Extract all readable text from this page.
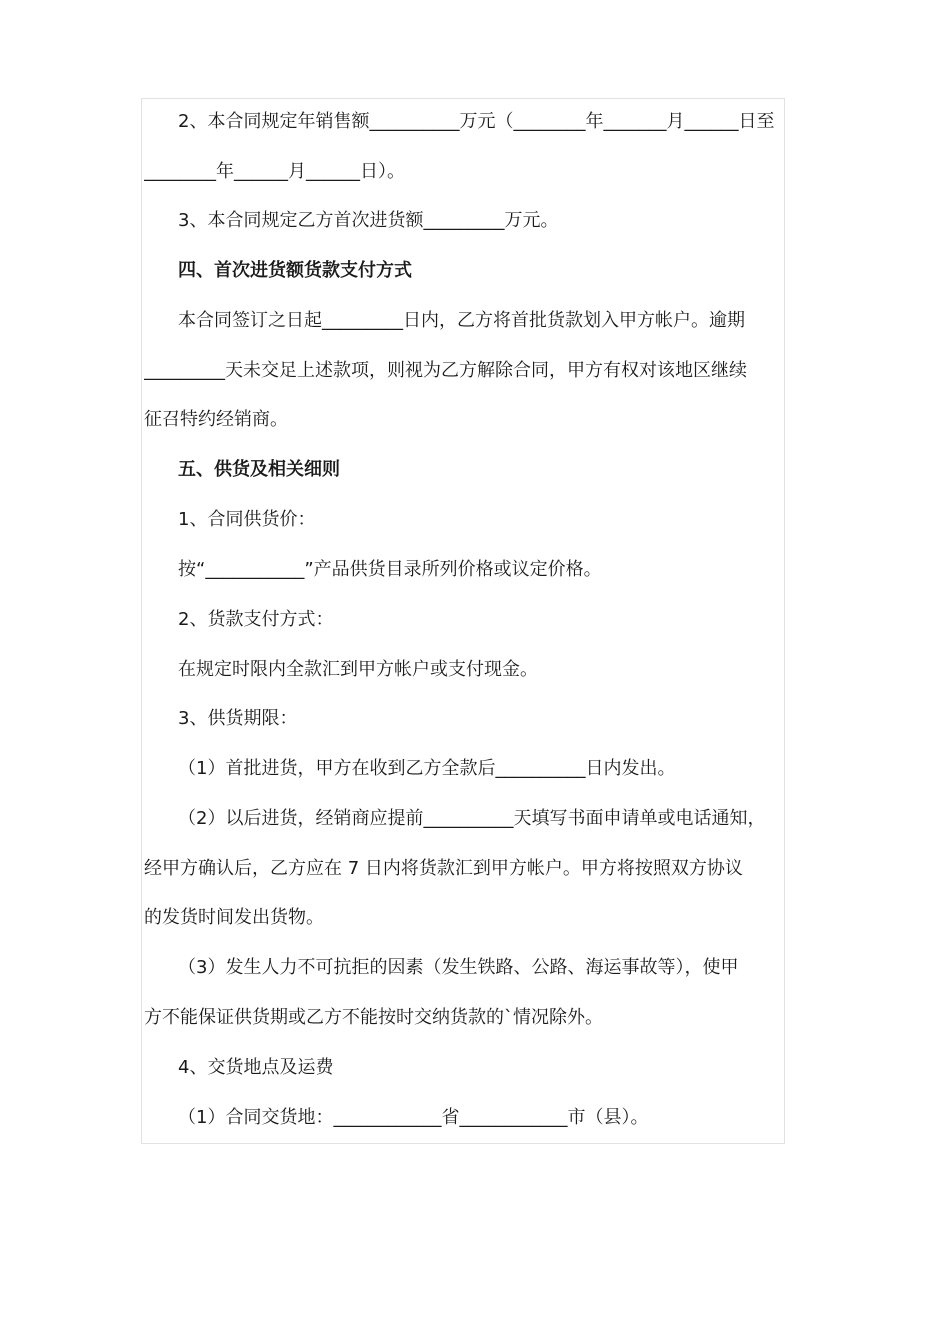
2、本合同规定年销售额__________万元（________年_______月______日至
________年______月______日）。
3、本合同规定乙方首次进货额_________万元。
四、首次进货额货款支付方式
本合同签订之日起_________日内，乙方将首批货款划入甲方帐户。逾期
_________天未交足上述款项，则视为乙方解除合同，甲方有权对该地区继续
征召特约经销商。
五、供货及相关细则
1、合同供货价：
按“___________”产品供货目录所列价格或议定价格。
2、货款支付方式：
在规定时限内全款汇到甲方帐户或支付现金。
3、供货期限：
（1）首批进货，甲方在收到乙方全款后__________日内发出。
（2）以后进货，经销商应提前__________天填写书面申请单或电话通知，
经甲方确认后，乙方应在 7 日内将货款汇到甲方帐户。甲方将按照双方协议
的发货时间发出货物。
（3）发生人力不可抗拒的因素（发生铁路、公路、海运事故等），使甲
方不能保证供货期或乙方不能按时交纳货款的`情况除外。
4、交货地点及运费
（1）合同交货地：____________省____________市（县）。
